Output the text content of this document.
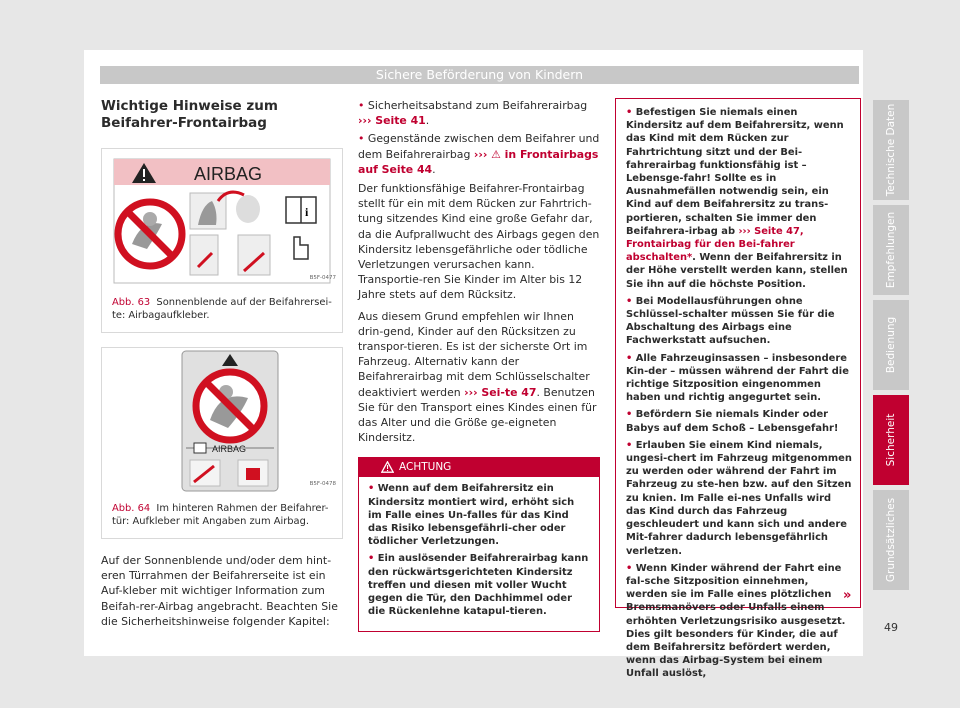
Sichere Beförderung von Kindern
Wichtige Hinweise zum Beifahrer-Frontairbag
AIRBAG
i
B5F-0477
Abb. 63 Sonnenblende auf der Beifahrersei-te: Airbagaufkleber.
AIRBAG
B5F-0478
Abb. 64 Im hinteren Rahmen der Beifahrer-tür: Aufkleber mit Angaben zum Airbag.

Auf der Sonnenblende und/oder dem hint-eren Türrahmen der Beifahrerseite ist ein Auf-kleber mit wichtiger Information zum Beifah-rer-Airbag angebracht. Beachten Sie die Sicherheitshinweise folgender Kapitel:

• Sicherheitsabstand zum Beifahrerairbag
››› Seite 41.
• Gegenstände zwischen dem Beifahrer und dem Beifahrerairbag ››› ⚠ in Frontairbags auf Seite 44.

Der funktionsfähige Beifahrer-Frontairbag stellt für ein mit dem Rücken zur Fahrtrich-tung sitzendes Kind eine große Gefahr dar, da die Aufprallwucht des Airbags gegen den Kindersitz lebensgefährliche oder tödliche Verletzungen verursachen kann. Transportie-ren Sie Kinder im Alter bis 12 Jahre stets auf dem Rücksitz.

Aus diesem Grund empfehlen wir Ihnen drin-gend, Kinder auf den Rücksitzen zu transpor-tieren. Es ist der sicherste Ort im Fahrzeug. Alternativ kann der Beifahrerairbag mit dem Schlüsselschalter deaktiviert werden ››› Sei-te 47. Benutzen Sie für den Transport eines Kindes einen für das Alter und die Größe ge-eigneten Kindersitz.

ACHTUNG
• Wenn auf dem Beifahrersitz ein Kindersitz montiert wird, erhöht sich im Falle eines Un-falles für das Kind das Risiko lebensgefährli-cher oder tödlicher Verletzungen.
• Ein auslösender Beifahrerairbag kann den rückwärtsgerichteten Kindersitz treffen und diesen mit voller Wucht gegen die Tür, den Dachhimmel oder die Rückenlehne katapul-tieren.
• Befestigen Sie niemals einen Kindersitz auf dem Beifahrersitz, wenn das Kind mit dem Rücken zur Fahrtrichtung sitzt und der Bei-fahrerairbag funktionsfähig ist – Lebensge-fahr! Sollte es in Ausnahmefällen notwendig sein, ein Kind auf dem Beifahrersitz zu trans-portieren, schalten Sie immer den Beifahrera-irbag ab ››› Seite 47, Frontairbag für den Bei-fahrer abschalten*. Wenn der Beifahrersitz in der Höhe verstellt werden kann, stellen Sie ihn auf die höchste Position.
• Bei Modellausführungen ohne Schlüssel-schalter müssen Sie für die Abschaltung des Airbags eine Fachwerkstatt aufsuchen.
• Alle Fahrzeuginsassen – insbesondere Kin-der – müssen während der Fahrt die richtige Sitzposition eingenommen haben und richtig angegurtet sein.
• Befördern Sie niemals Kinder oder Babys auf dem Schoß – Lebensgefahr!
• Erlauben Sie einem Kind niemals, ungesi-chert im Fahrzeug mitgenommen zu werden oder während der Fahrt im Fahrzeug zu ste-hen bzw. auf den Sitzen zu knien. Im Falle ei-nes Unfalls wird das Kind durch das Fahrzeug geschleudert und kann sich und andere Mit-fahrer dadurch lebensgefährlich verletzen.
• Wenn Kinder während der Fahrt eine fal-sche Sitzposition einnehmen, werden sie im Falle eines plötzlichen Bremsmanövers oder Unfalls einem erhöhten Verletzungsrisiko ausgesetzt. Dies gilt besonders für Kinder, die auf dem Beifahrersitz befördert werden, wenn das Airbag-System bei einem Unfall auslöst,
»
Technische Daten
Empfehlungen
Bedienung
Sicherheit
Grundsätzliches
49
